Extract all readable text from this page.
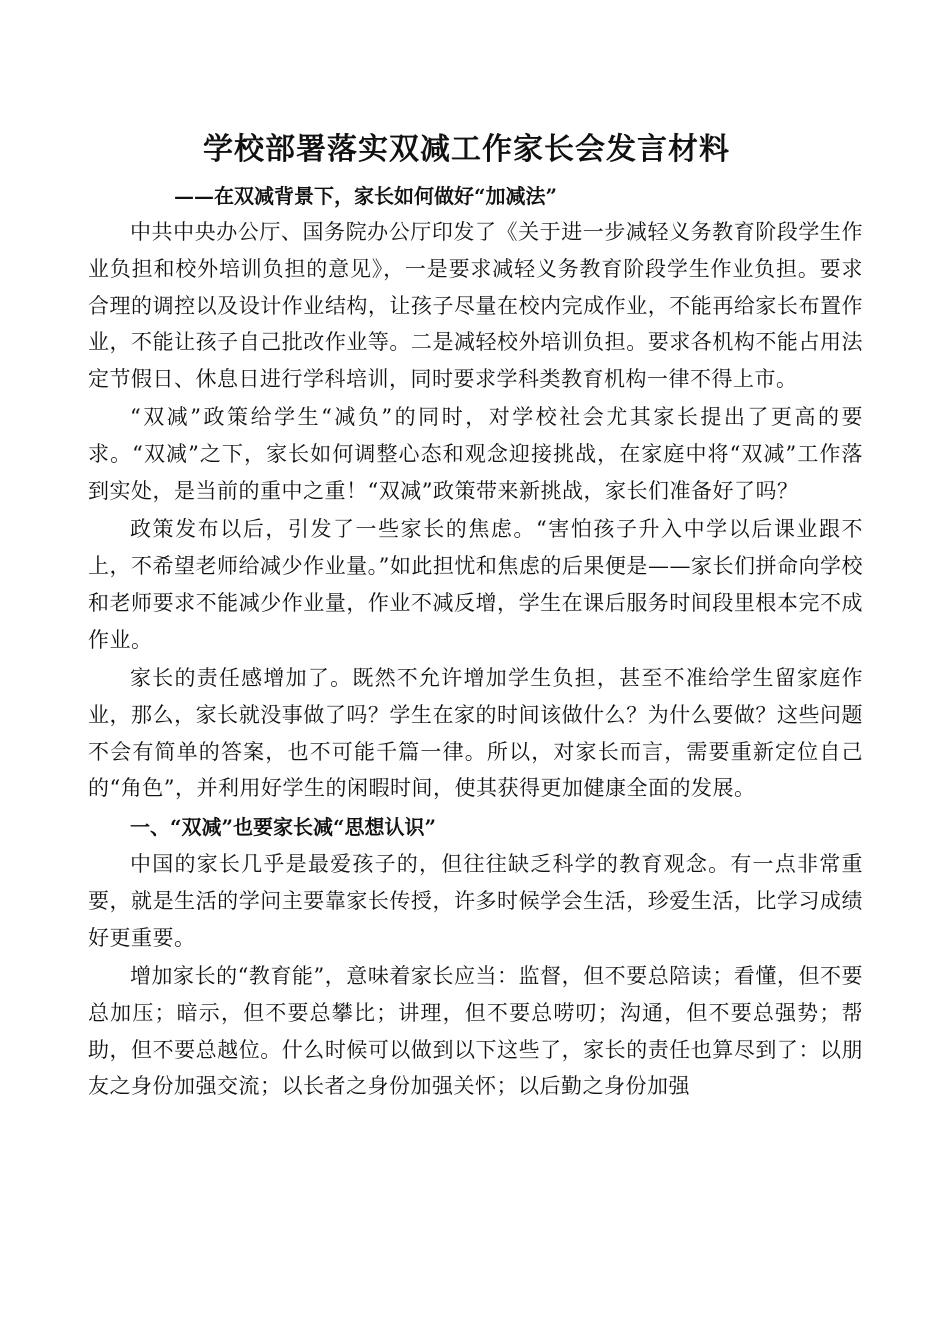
学校部署落实双减工作家长会发言材料
——在双减背景下，家长如何做好“加减法”

中共中央办公厅、国务院办公厅印发了《关于进一步减轻义务教育阶段学生作业负担和校外培训负担的意见》，一是要求减轻义务教育阶段学生作业负担。要求合理的调控以及设计作业结构，让孩子尽量在校内完成作业，不能再给家长布置作业，不能让孩子自己批改作业等。二是减轻校外培训负担。要求各机构不能占用法定节假日、休息日进行学科培训，同时要求学科类教育机构一律不得上市。

“双减”政策给学生“减负”的同时，对学校社会尤其家长提出了更高的要求。“双减”之下，家长如何调整心态和观念迎接挑战，在家庭中将“双减”工作落到实处，是当前的重中之重！“双减”政策带来新挑战，家长们准备好了吗？

政策发布以后，引发了一些家长的焦虑。“害怕孩子升入中学以后课业跟不上，不希望老师给减少作业量。”如此担忧和焦虑的后果便是——家长们拼命向学校和老师要求不能减少作业量，作业不减反增，学生在课后服务时间段里根本完不成作业。

家长的责任感增加了。既然不允许增加学生负担，甚至不准给学生留家庭作业，那么，家长就没事做了吗？学生在家的时间该做什么？为什么要做？这些问题不会有简单的答案，也不可能千篇一律。所以，对家长而言，需要重新定位自己的“角色”，并利用好学生的闲暇时间，使其获得更加健康全面的发展。

一、“双减”也要家长减“思想认识”

中国的家长几乎是最爱孩子的，但往往缺乏科学的教育观念。有一点非常重要，就是生活的学问主要靠家长传授，许多时候学会生活，珍爱生活，比学习成绩好更重要。

增加家长的“教育能”，意味着家长应当：监督，但不要总陪读；看懂，但不要总加压；暗示，但不要总攀比；讲理，但不要总唠叨；沟通，但不要总强势；帮助，但不要总越位。什么时候可以做到以下这些了，家长的责任也算尽到了：以朋友之身份加强交流；以长者之身份加强关怀；以后勤之身份加强
